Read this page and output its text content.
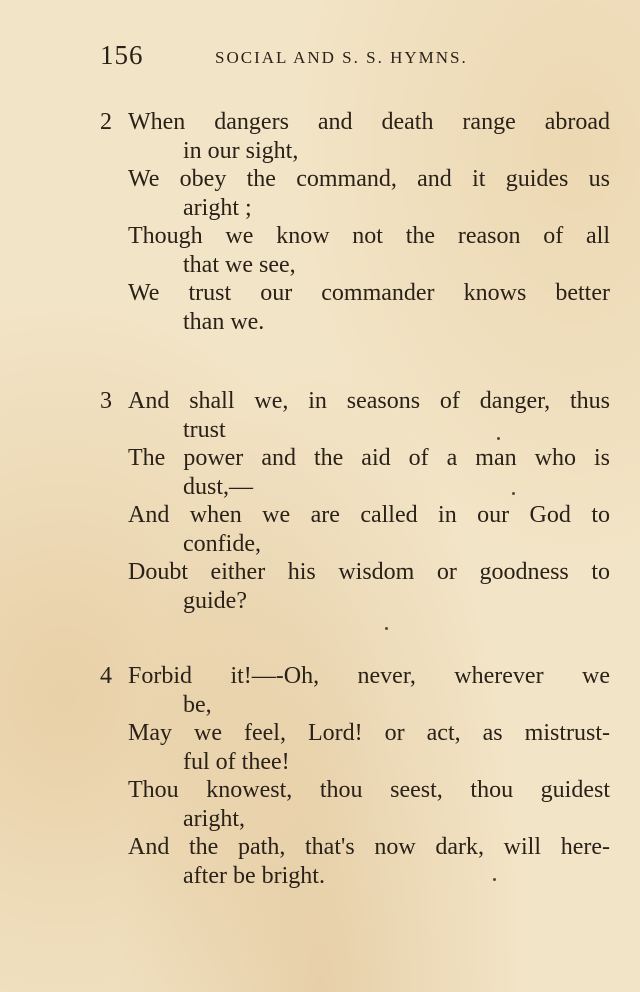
156	SOCIAL AND S. S. HYMNS.
2 When dangers and death range abroad
in our sight,
We obey the command, and it guides us
aright ;
Though we know not the reason of all
that we see,
We trust our commander knows better
than we.
3 And shall we, in seasons of danger, thus
trust
The power and the aid of a man who is
dust,—
And when we are called in our God to
confide,
Doubt either his wisdom or goodness to
guide?
4 Forbid it!—-Oh, never, wherever we
be,
May we feel, Lord! or act, as mistrust-
ful of thee!
Thou knowest, thou seest, thou guidest
aright,
And the path, that's now dark, will here-
after be bright.
